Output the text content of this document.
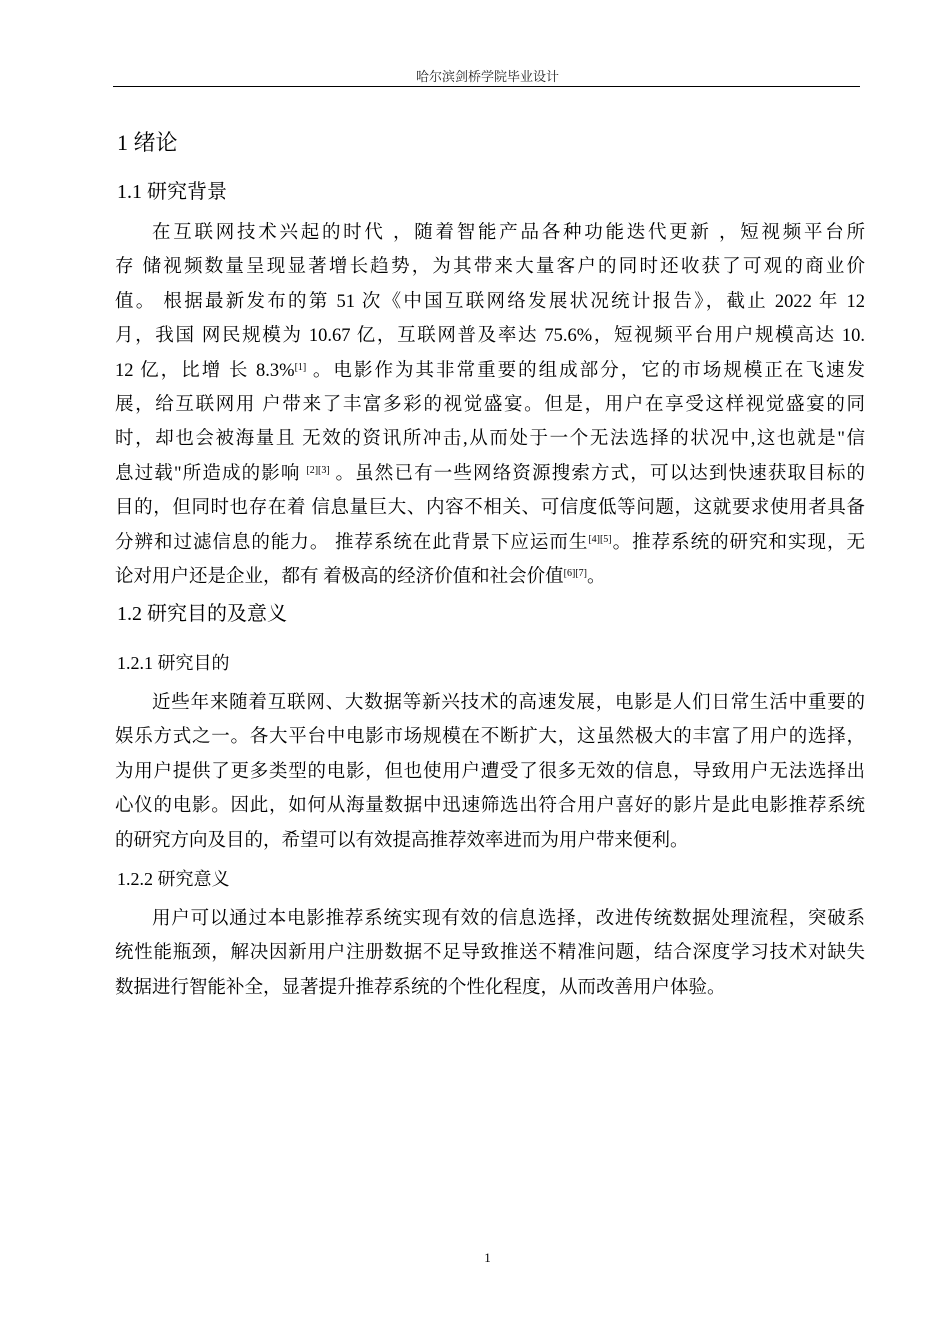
哈尔滨剑桥学院毕业设计
1 绪论
1.1 研究背景
在互联网技术兴起的时代 ，随着智能产品各种功能迭代更新 ，短视频平台所
存 储视频数量呈现显著增长趋势，为其带来大量客户的同时还收获了可观的商业价
值。 根据最新发布的第 51 次《中国互联网络发展状况统计报告》，截止 2022 年 12
月，我国 网民规模为 10.67 亿，互联网普及率达 75.6%，短视频平台用户规模高达 10.
12 亿，比增 长 8.3%[1] 。电影作为其非常重要的组成部分，它的市场规模正在飞速发
展，给互联网用 户带来了丰富多彩的视觉盛宴。但是，用户在享受这样视觉盛宴的同
时，却也会被海量且 无效的资讯所冲击,从而处于一个无法选择的状况中,这也就是"信
息过载"所造成的影响 [2][3] 。虽然已有一些网络资源搜索方式，可以达到快速获取目标的
目的，但同时也存在着 信息量巨大、内容不相关、可信度低等问题，这就要求使用者具备
分辨和过滤信息的能力。 推荐系统在此背景下应运而生[4][5]。推荐系统的研究和实现，无
论对用户还是企业，都有 着极高的经济价值和社会价值[6][7]。
1.2 研究目的及意义
1.2.1 研究目的
近些年来随着互联网、大数据等新兴技术的高速发展，电影是人们日常生活中重要的
娱乐方式之一。各大平台中电影市场规模在不断扩大，这虽然极大的丰富了用户的选择，
为用户提供了更多类型的电影，但也使用户遭受了很多无效的信息，导致用户无法选择出
心仪的电影。因此，如何从海量数据中迅速筛选出符合用户喜好的影片是此电影推荐系统
的研究方向及目的，希望可以有效提高推荐效率进而为用户带来便利。
1.2.2 研究意义
用户可以通过本电影推荐系统实现有效的信息选择，改进传统数据处理流程，突破系
统性能瓶颈，解决因新用户注册数据不足导致推送不精准问题，结合深度学习技术对缺失
数据进行智能补全，显著提升推荐系统的个性化程度，从而改善用户体验。
1
